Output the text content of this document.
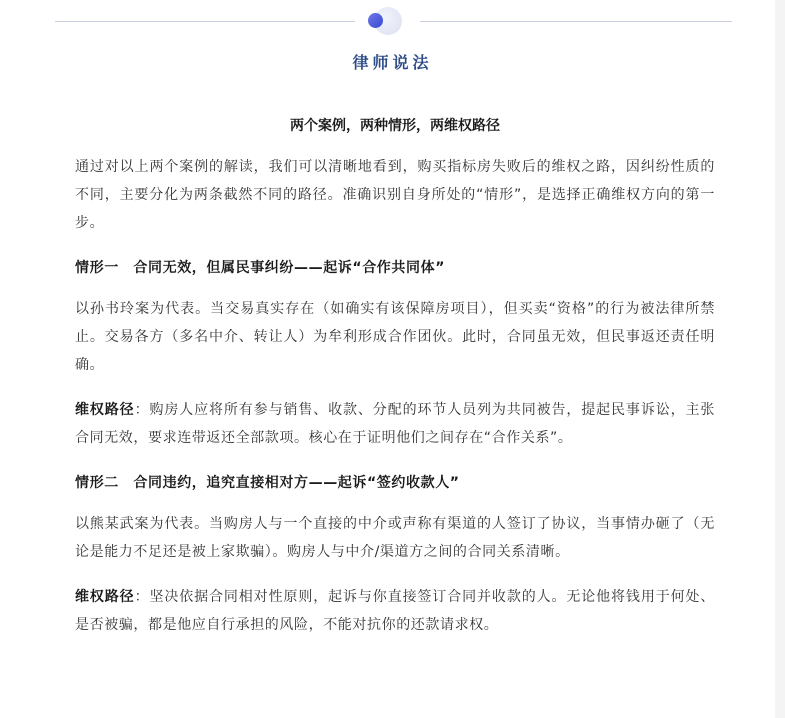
律师说法
两个案例，两种情形，两维权路径

通过对以上两个案例的解读，我们可以清晰地看到，购买指标房失败后的维权之路，因纠纷性质的不同，主要分化为两条截然不同的路径。准确识别自身所处的“情形”，是选择正确维权方向的第一步。

情形一　合同无效，但属民事纠纷——起诉“合作共同体”

以孙书玲案为代表。当交易真实存在（如确实有该保障房项目），但买卖“资格”的行为被法律所禁止。交易各方（多名中介、转让人）为牟利形成合作团伙。此时，合同虽无效，但民事返还责任明确。

维权路径：购房人应将所有参与销售、收款、分配的环节人员列为共同被告，提起民事诉讼，主张合同无效，要求连带返还全部款项。核心在于证明他们之间存在“合作关系”。

情形二　合同违约，追究直接相对方——起诉“签约收款人”

以熊某武案为代表。当购房人与一个直接的中介或声称有渠道的人签订了协议，当事情办砸了（无论是能力不足还是被上家欺骗）。购房人与中介/渠道方之间的合同关系清晰。

维权路径：坚决依据合同相对性原则，起诉与你直接签订合同并收款的人。无论他将钱用于何处、是否被骗，都是他应自行承担的风险，不能对抗你的还款请求权。
